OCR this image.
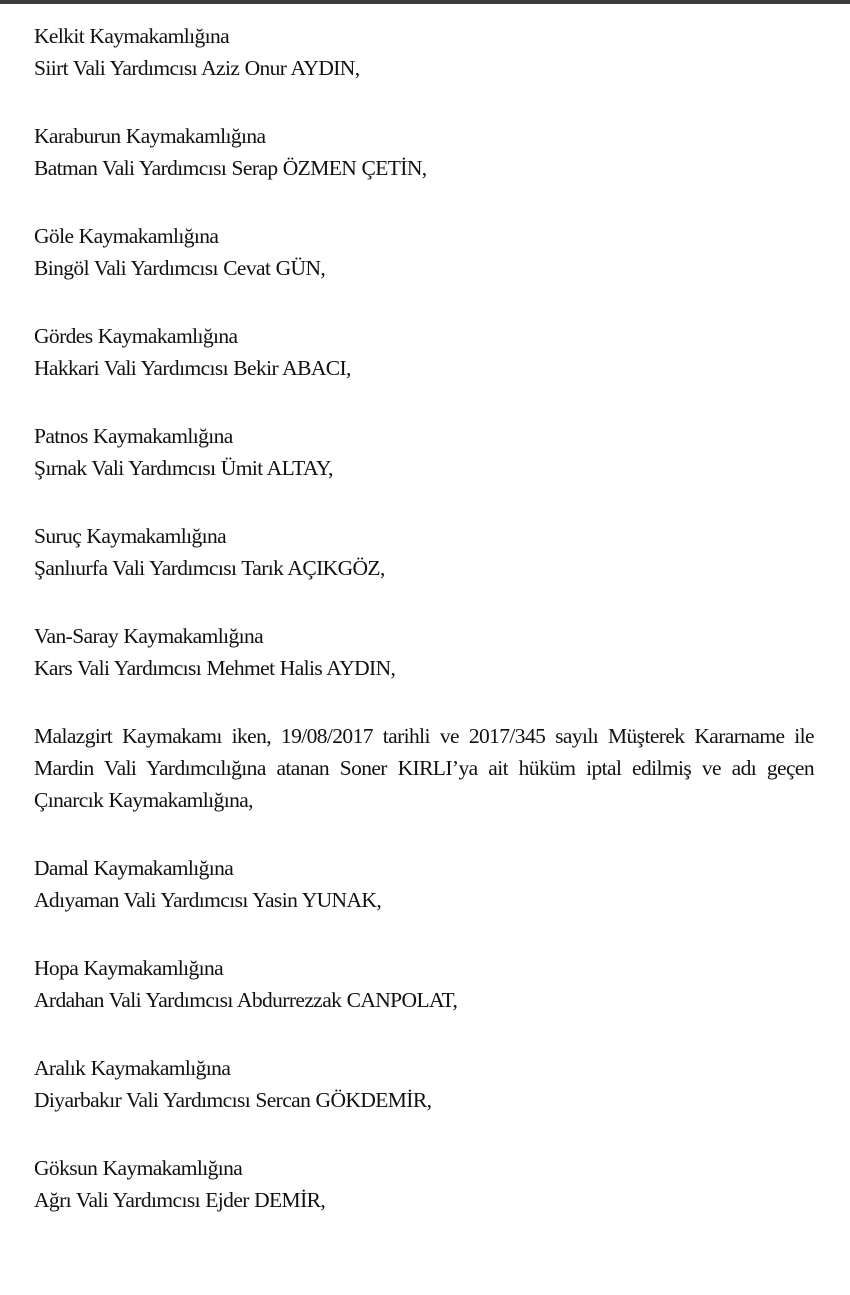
Kelkit Kaymakamlığına
Siirt Vali Yardımcısı Aziz Onur AYDIN,
Karaburun Kaymakamlığına
Batman Vali Yardımcısı Serap ÖZMEN ÇETİN,
Göle Kaymakamlığına
Bingöl Vali Yardımcısı Cevat GÜN,
Gördes Kaymakamlığına
Hakkari Vali Yardımcısı Bekir ABACI,
Patnos Kaymakamlığına
Şırnak Vali Yardımcısı Ümit ALTAY,
Suruç Kaymakamlığına
Şanlıurfa Vali Yardımcısı Tarık AÇIKGÖZ,
Van-Saray Kaymakamlığına
Kars Vali Yardımcısı Mehmet Halis AYDIN,
Malazgirt Kaymakamı iken, 19/08/2017 tarihli ve 2017/345 sayılı Müşterek Kararname ile
Mardin Vali Yardımcılığına atanan Soner KIRLI’ya ait hüküm iptal edilmiş ve adı geçen
Çınarcık Kaymakamlığına,
Damal Kaymakamlığına
Adıyaman Vali Yardımcısı Yasin YUNAK,
Hopa Kaymakamlığına
Ardahan Vali Yardımcısı Abdurrezzak CANPOLAT,
Aralık Kaymakamlığına
Diyarbakır Vali Yardımcısı Sercan GÖKDEMİR,
Göksun Kaymakamlığına
Ağrı Vali Yardımcısı Ejder DEMİR,
